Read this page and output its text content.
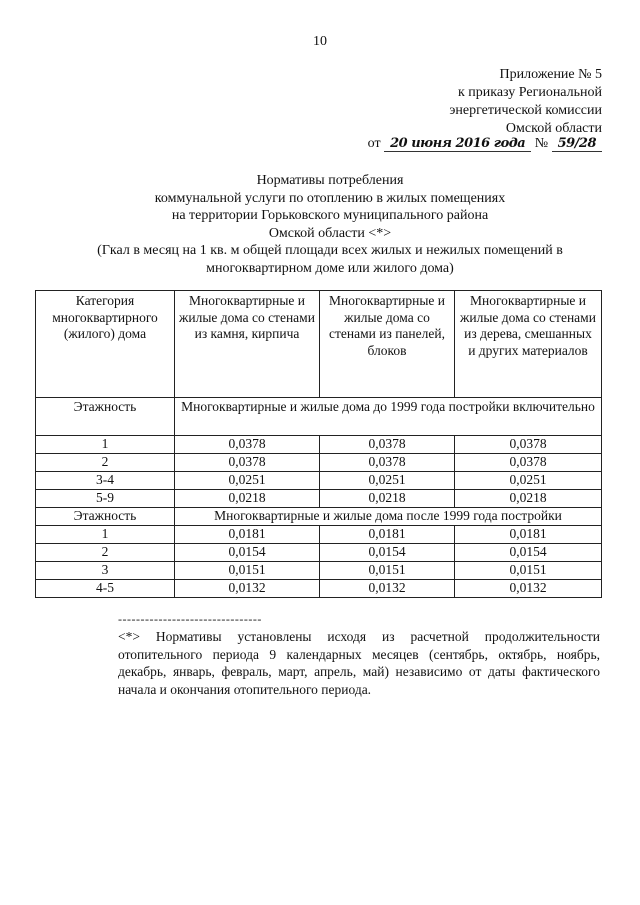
10
Приложение № 5
к приказу Региональной
энергетической комиссии
Омской области
от 20 июня 2016 года № 59/28
Нормативы потребления
коммунальной услуги по отоплению в жилых помещениях
на территории Горьковского муниципального района
Омской области <*>
(Гкал в месяц на 1 кв. м общей площади всех жилых и нежилых помещений в
многоквартирном доме или жилого дома)
Категория многоквартирного (жилого) дома	Многоквартирные и жилые дома со стенами из камня, кирпича	Многоквартирные и жилые дома со стенами из панелей, блоков	Многоквартирные и жилые дома со стенами из дерева, смешанных и других материалов
Этажность	Многоквартирные и жилые дома до 1999 года постройки включительно		
1	0,0378	0,0378	0,0378
2	0,0378	0,0378	0,0378
3-4	0,0251	0,0251	0,0251
5-9	0,0218	0,0218	0,0218
Этажность	Многоквартирные и жилые дома после 1999 года постройки		
1	0,0181	0,0181	0,0181
2	0,0154	0,0154	0,0154
3	0,0151	0,0151	0,0151
4-5	0,0132	0,0132	0,0132
--------------------------------
<*> Нормативы установлены исходя из расчетной продолжительности отопительного периода 9 календарных месяцев (сентябрь, октябрь, ноябрь, декабрь, январь, февраль, март, апрель, май) независимо от даты фактического начала и окончания отопительного периода.
